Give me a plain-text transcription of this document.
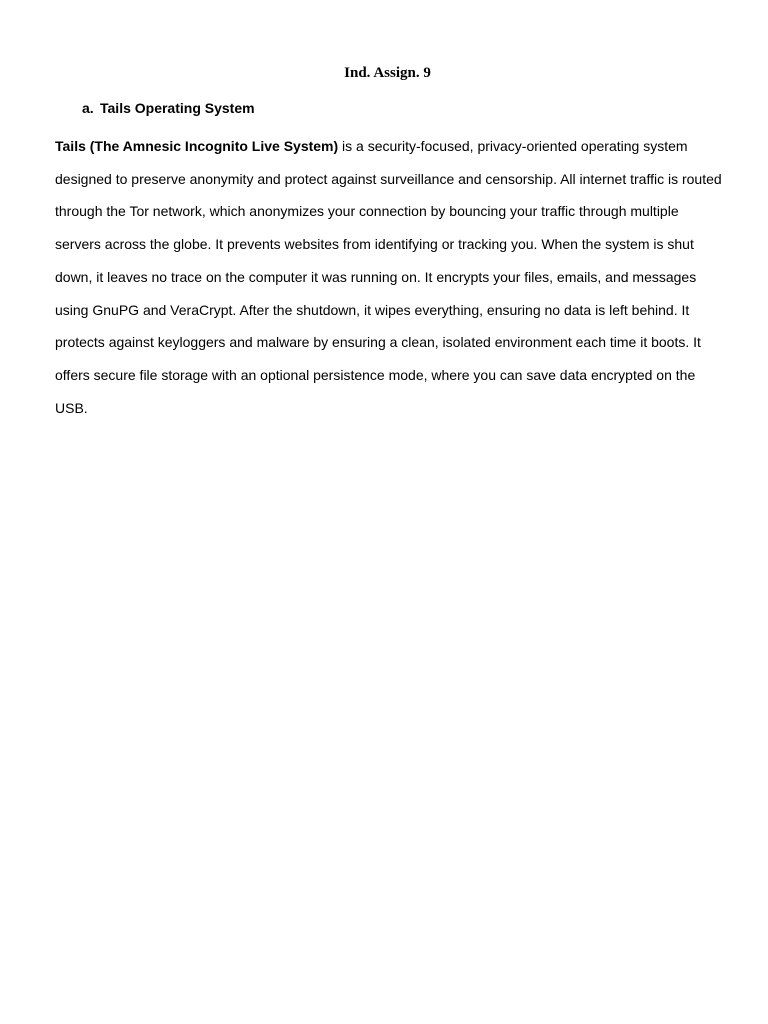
Ind. Assign. 9
a. Tails Operating System

Tails (The Amnesic Incognito Live System) is a security-focused, privacy-oriented operating system
designed to preserve anonymity and protect against surveillance and censorship. All internet traffic is routed
through the Tor network, which anonymizes your connection by bouncing your traffic through multiple
servers across the globe. It prevents websites from identifying or tracking you. When the system is shut
down, it leaves no trace on the computer it was running on. It encrypts your files, emails, and messages
using GnuPG and VeraCrypt. After the shutdown, it wipes everything, ensuring no data is left behind. It
protects against keyloggers and malware by ensuring a clean, isolated environment each time it boots. It
offers secure file storage with an optional persistence mode, where you can save data encrypted on the
USB.
